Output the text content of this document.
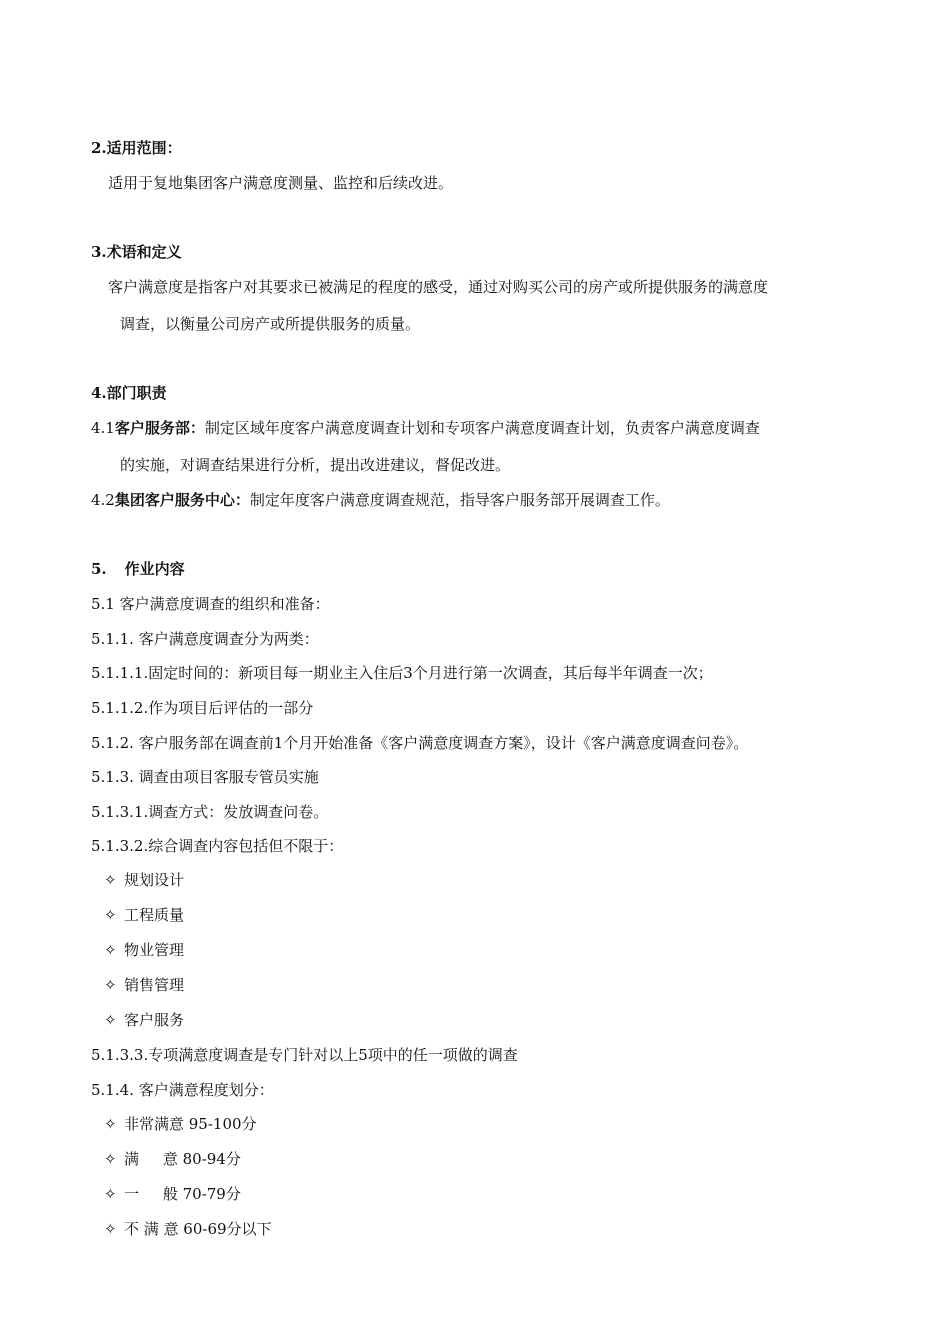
2.适用范围：
适用于复地集团客户满意度测量、监控和后续改进。
3.术语和定义
客户满意度是指客户对其要求已被满足的程度的感受，通过对购买公司的房产或所提供服务的满意度
调查，以衡量公司房产或所提供服务的质量。
4.部门职责
4.1客户服务部：制定区域年度客户满意度调查计划和专项客户满意度调查计划，负责客户满意度调查
的实施，对调查结果进行分析，提出改进建议，督促改进。
4.2集团客户服务中心：制定年度客户满意度调查规范，指导客户服务部开展调查工作。
5. 作业内容
5.1 客户满意度调查的组织和准备：
5.1.1. 客户满意度调查分为两类：
5.1.1.1.固定时间的：新项目每一期业主入住后3个月进行第一次调查，其后每半年调查一次；
5.1.1.2.作为项目后评估的一部分
5.1.2. 客户服务部在调查前1个月开始准备《客户满意度调查方案》，设计《客户满意度调查问卷》。
5.1.3. 调查由项目客服专管员实施
5.1.3.1.调查方式：发放调查问卷。
5.1.3.2.综合调查内容包括但不限于：
✧ 规划设计
✧ 工程质量
✧ 物业管理
✧ 销售管理
✧ 客户服务
5.1.3.3.专项满意度调查是专门针对以上5项中的任一项做的调查
5.1.4. 客户满意程度划分：
✧ 非常满意 95-100分
✧ 满     意 80-94分
✧ 一     般 70-79分
✧ 不 满 意 60-69分以下
